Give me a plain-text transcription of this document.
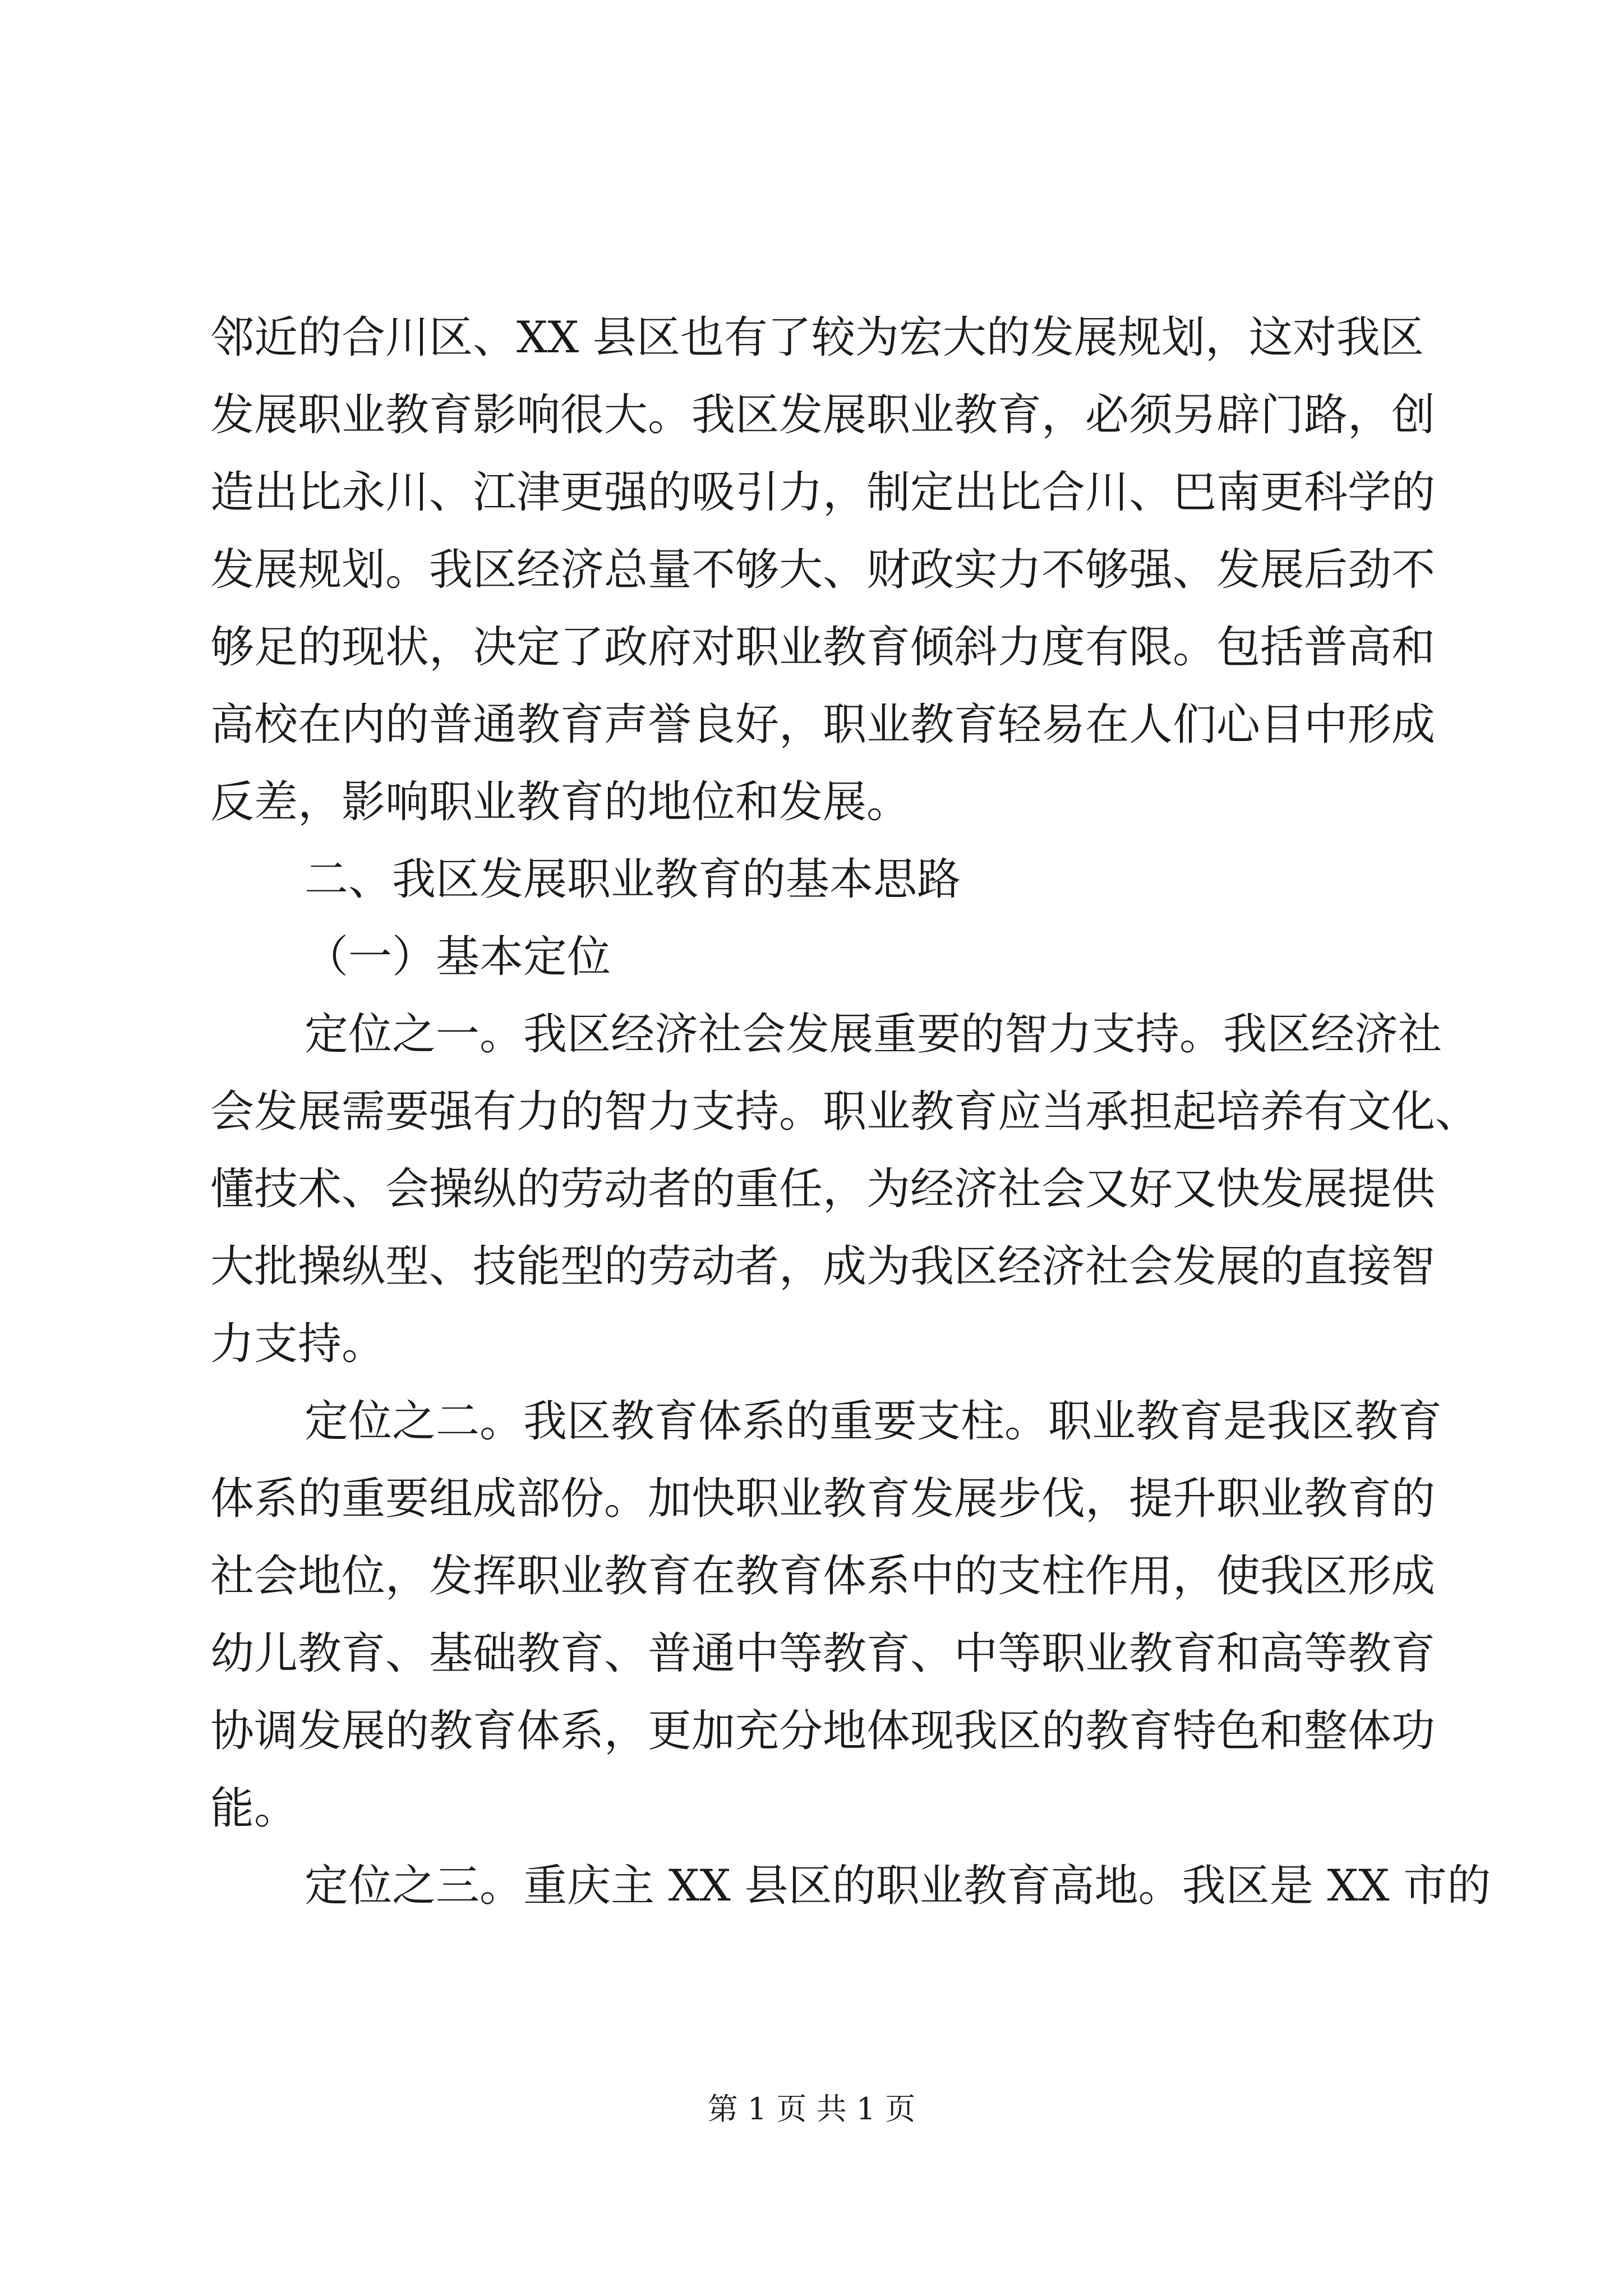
邻近的合川区、XX 县区也有了较为宏大的发展规划，这对我区
发展职业教育影响很大。我区发展职业教育，必须另辟门路，创
造出比永川、江津更强的吸引力，制定出比合川、巴南更科学的
发展规划。我区经济总量不够大、财政实力不够强、发展后劲不
够足的现状，决定了政府对职业教育倾斜力度有限。包括普高和
高校在内的普通教育声誉良好，职业教育轻易在人们心目中形成
反差，影响职业教育的地位和发展。
二、我区发展职业教育的基本思路
（一）基本定位
定位之一。我区经济社会发展重要的智力支持。我区经济社
会发展需要强有力的智力支持。职业教育应当承担起培养有文化、
懂技术、会操纵的劳动者的重任，为经济社会又好又快发展提供
大批操纵型、技能型的劳动者，成为我区经济社会发展的直接智
力支持。
定位之二。我区教育体系的重要支柱。职业教育是我区教育
体系的重要组成部份。加快职业教育发展步伐，提升职业教育的
社会地位，发挥职业教育在教育体系中的支柱作用，使我区形成
幼儿教育、基础教育、普通中等教育、中等职业教育和高等教育
协调发展的教育体系，更加充分地体现我区的教育特色和整体功
能。
定位之三。重庆主 XX 县区的职业教育高地。我区是 XX 市的
第 1 页 共 1 页
